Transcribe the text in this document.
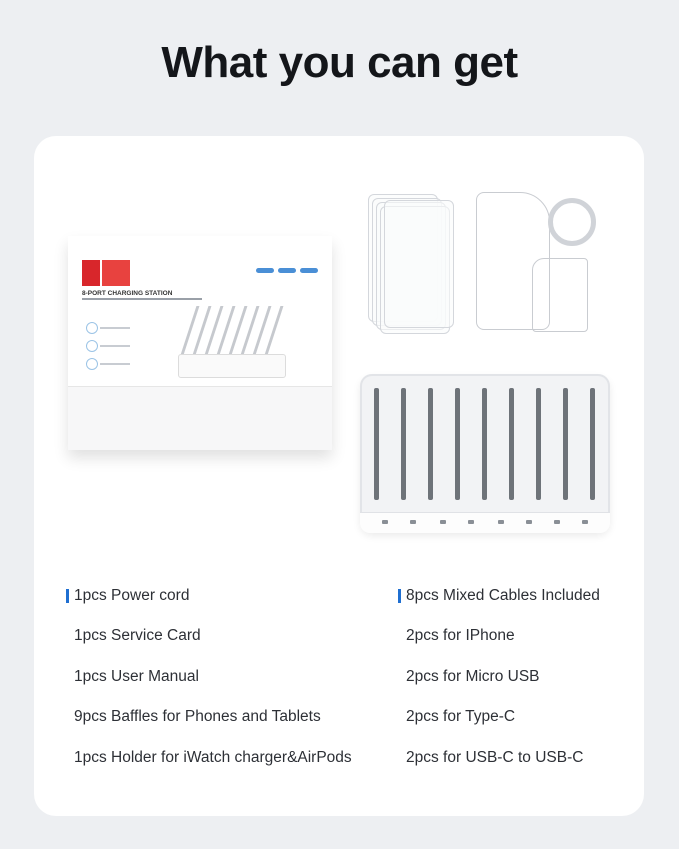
What you can get
8-PORT CHARGING STATION
1pcs Power cord
1pcs Service Card
1pcs User Manual
9pcs Baffles for Phones and Tablets
1pcs Holder for iWatch charger&AirPods
8pcs Mixed Cables Included
2pcs for IPhone
2pcs for Micro USB
2pcs for Type-C
2pcs for USB-C to USB-C
